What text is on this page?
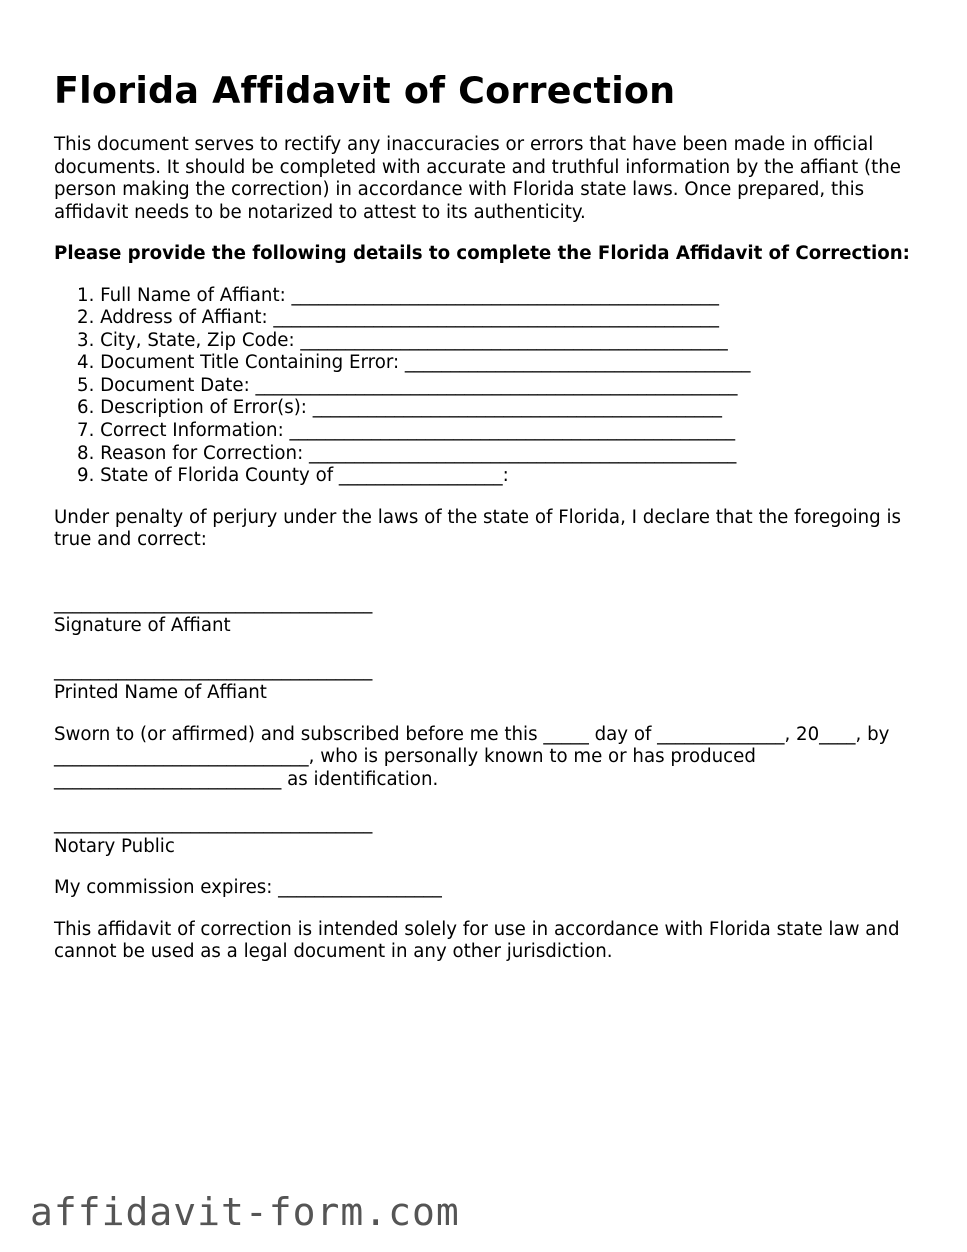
Florida Affidavit of Correction

This document serves to rectify any inaccuracies or errors that have been made in official documents. It should be completed with accurate and truthful information by the affiant (the person making the correction) in accordance with Florida state laws. Once prepared, this affidavit needs to be notarized to attest to its authenticity.

Please provide the following details to complete the Florida Affidavit of Correction:

1. Full Name of Affiant: _______________________________________________
2. Address of Affiant: _________________________________________________
3. City, State, Zip Code: _______________________________________________
4. Document Title Containing Error: ______________________________________
5. Document Date: _____________________________________________________
6. Description of Error(s): _____________________________________________
7. Correct Information: _________________________________________________
8. Reason for Correction: _______________________________________________
9. State of Florida County of __________________:

Under penalty of perjury under the laws of the state of Florida, I declare that the foregoing is true and correct:

___________________________________
Signature of Affiant
___________________________________
Printed Name of Affiant

Sworn to (or affirmed) and subscribed before me this _____ day of ______________, 20____, by ____________________________, who is personally known to me or has produced _________________________ as identification.

___________________________________
Notary Public

My commission expires: __________________

This affidavit of correction is intended solely for use in accordance with Florida state law and cannot be used as a legal document in any other jurisdiction.

affidavit-form.com
